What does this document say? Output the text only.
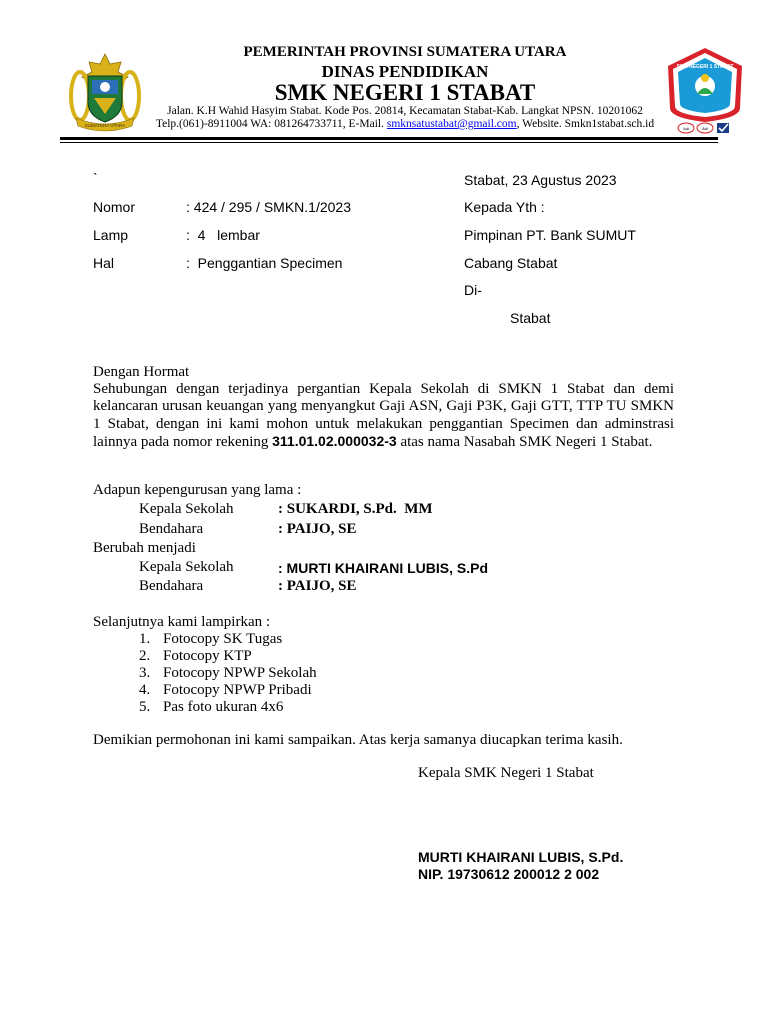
SUMATERA UTARA
SMK NEGERI 1 STABAT
Adi	Adi
PEMERINTAH PROVINSI SUMATERA UTARA
DINAS PENDIDIKAN
SMK NEGERI 1 STABAT
Jalan. K.H Wahid Hasyim Stabat. Kode Pos. 20814, Kecamatan Stabat-Kab. Langkat NPSN. 10201062
Telp.(061)-8911004 WA: 081264733711, E-Mail. smknsatustabat@gmail.com, Website. Smkn1stabat.sch.id
`
Nomor	: 424 / 295 / SMKN.1/2023
Lamp	:  4   lembar
Hal	:  Penggantian Specimen
Stabat, 23 Agustus 2023
Kepada Yth :
Pimpinan PT. Bank SUMUT
Cabang Stabat
Di-
Stabat
Dengan Hormat
Sehubungan dengan terjadinya pergantian Kepala Sekolah di SMKN 1 Stabat dan demi kelancaran urusan keuangan yang menyangkut Gaji ASN, Gaji P3K, Gaji GTT, TTP TU SMKN 1 Stabat, dengan ini kami mohon untuk melakukan penggantian Specimen dan adminstrasi lainnya pada nomor rekening 311.01.02.000032-3 atas nama Nasabah SMK Negeri 1 Stabat.
Adapun kepengurusan yang lama :
Kepala Sekolah	: SUKARDI, S.Pd.  MM
Bendahara	: PAIJO, SE
Berubah menjadi
Kepala Sekolah	: MURTI KHAIRANI LUBIS, S.Pd
Bendahara	: PAIJO, SE
Selanjutnya kami lampirkan :
1. Fotocopy SK Tugas
2. Fotocopy KTP
3. Fotocopy NPWP Sekolah
4. Fotocopy NPWP Pribadi
5. Pas foto ukuran 4x6
Demikian permohonan ini kami sampaikan. Atas kerja samanya diucapkan terima kasih.
Kepala SMK Negeri 1 Stabat
MURTI KHAIRANI LUBIS, S.Pd.
NIP. 19730612 200012 2 002
